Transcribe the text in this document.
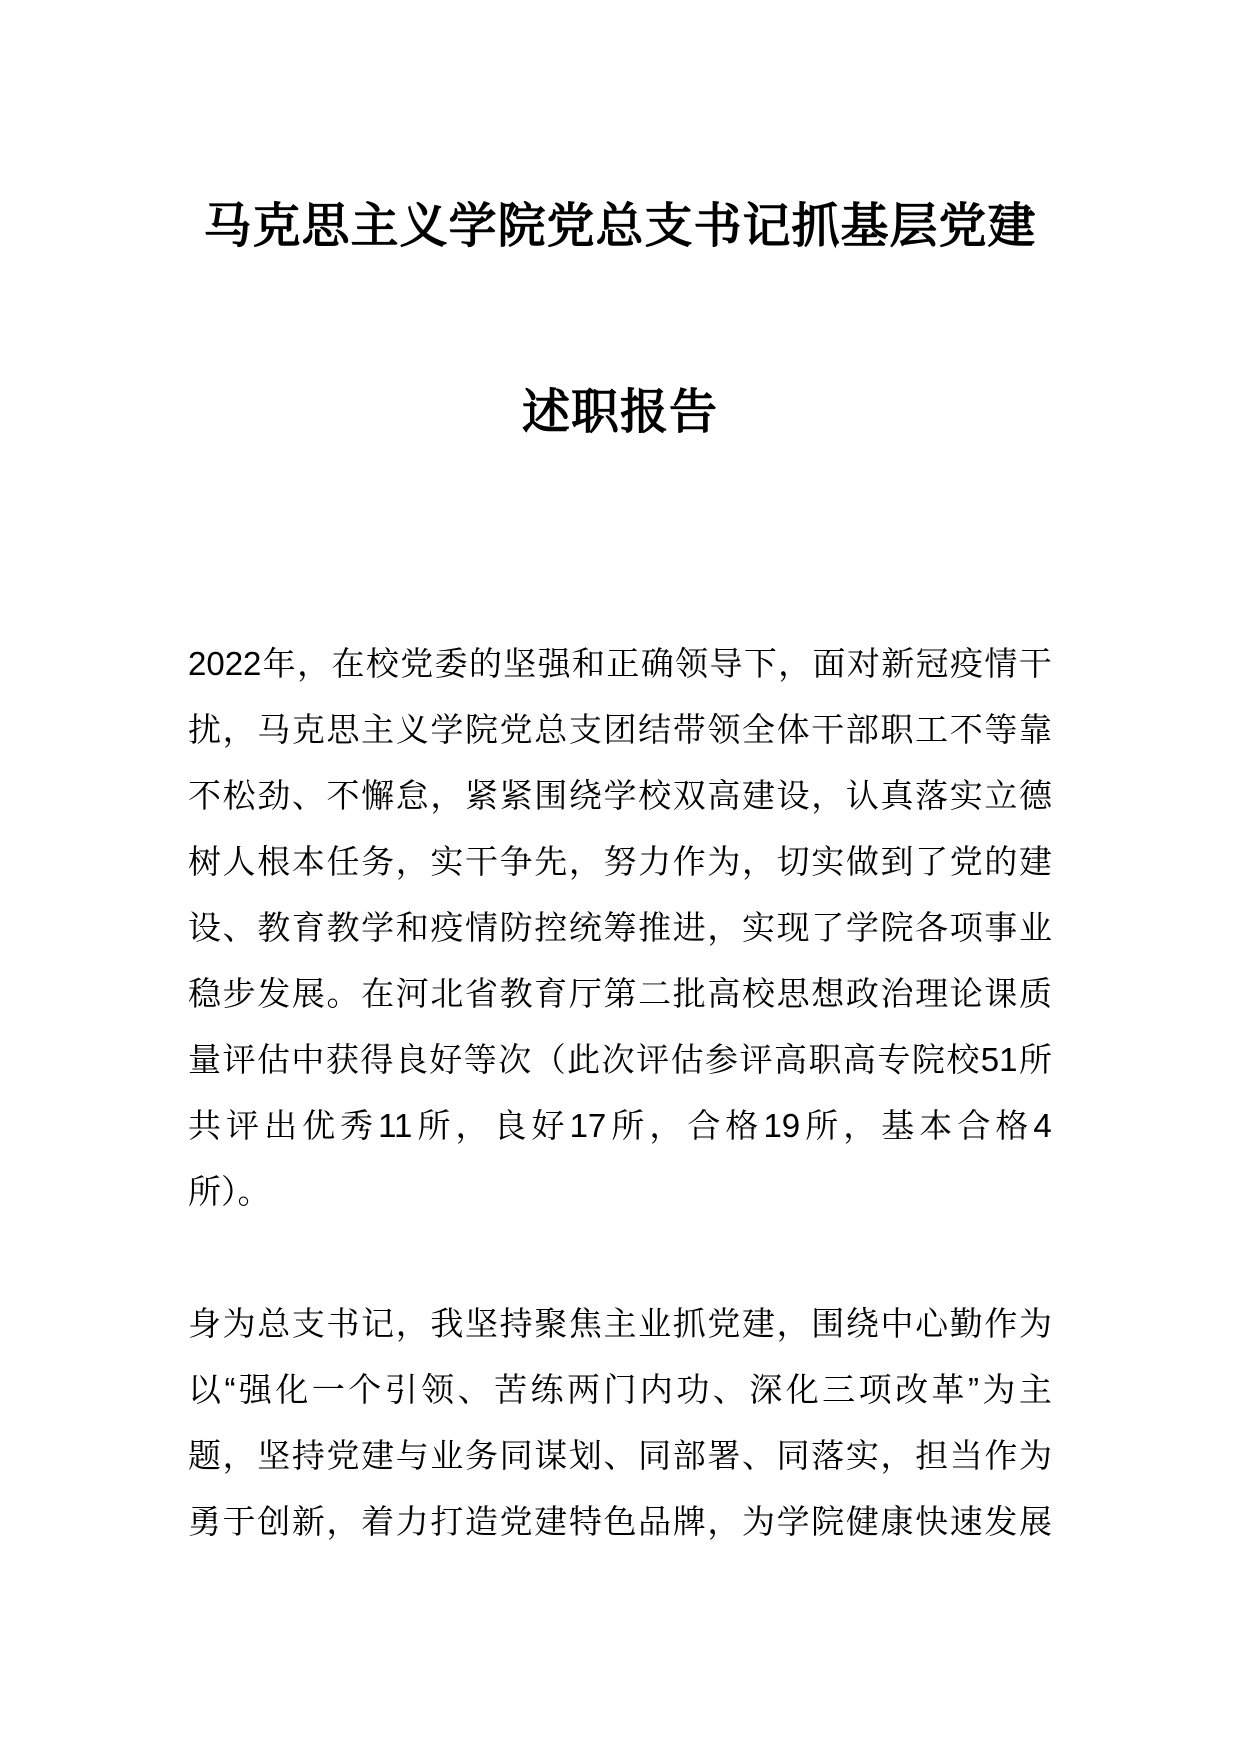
马克思主义学院党总支书记抓基层党建
述职报告
2022 年 ， 在 校 党 委 的 坚 强 和 正 确 领 导 下 ， 面 对 新 冠 疫 情 干
扰 ， 马 克 思 主 义 学 院 党 总 支 团 结 带 领 全 体 干 部 职 工 不 等 靠
不 松 劲 、 不 懈 怠 ， 紧 紧 围 绕 学 校 双 高 建 设 ， 认 真 落 实 立 德
树 人 根 本 任 务 ， 实 干 争 先 ， 努 力 作 为 ， 切 实 做 到 了 党 的 建
设 、 教 育 教 学 和 疫 情 防 控 统 筹 推 进 ， 实 现 了 学 院 各 项 事 业
稳 步 发 展 。 在 河 北 省 教 育 厅 第 二 批 高 校 思 想 政 治 理 论 课 质
量 评 估 中 获 得 良 好 等 次 （ 此 次 评 估 参 评 高 职 高 专 院 校 51 所
共 评 出 优 秀 11 所 ， 良 好 17 所 ， 合 格 19 所 ， 基 本 合 格 4
所）。
身 为 总 支 书 记 ， 我 坚 持 聚 焦 主 业 抓 党 建 ， 围 绕 中 心 勤 作 为
以 “ 强 化 一 个 引 领 、 苦 练 两 门 内 功 、 深 化 三 项 改 革 ” 为 主
题 ， 坚 持 党 建 与 业 务 同 谋 划 、 同 部 署 、 同 落 实 ， 担 当 作 为
勇 于 创 新 ， 着 力 打 造 党 建 特 色 品 牌 ， 为 学 院 健 康 快 速 发 展
